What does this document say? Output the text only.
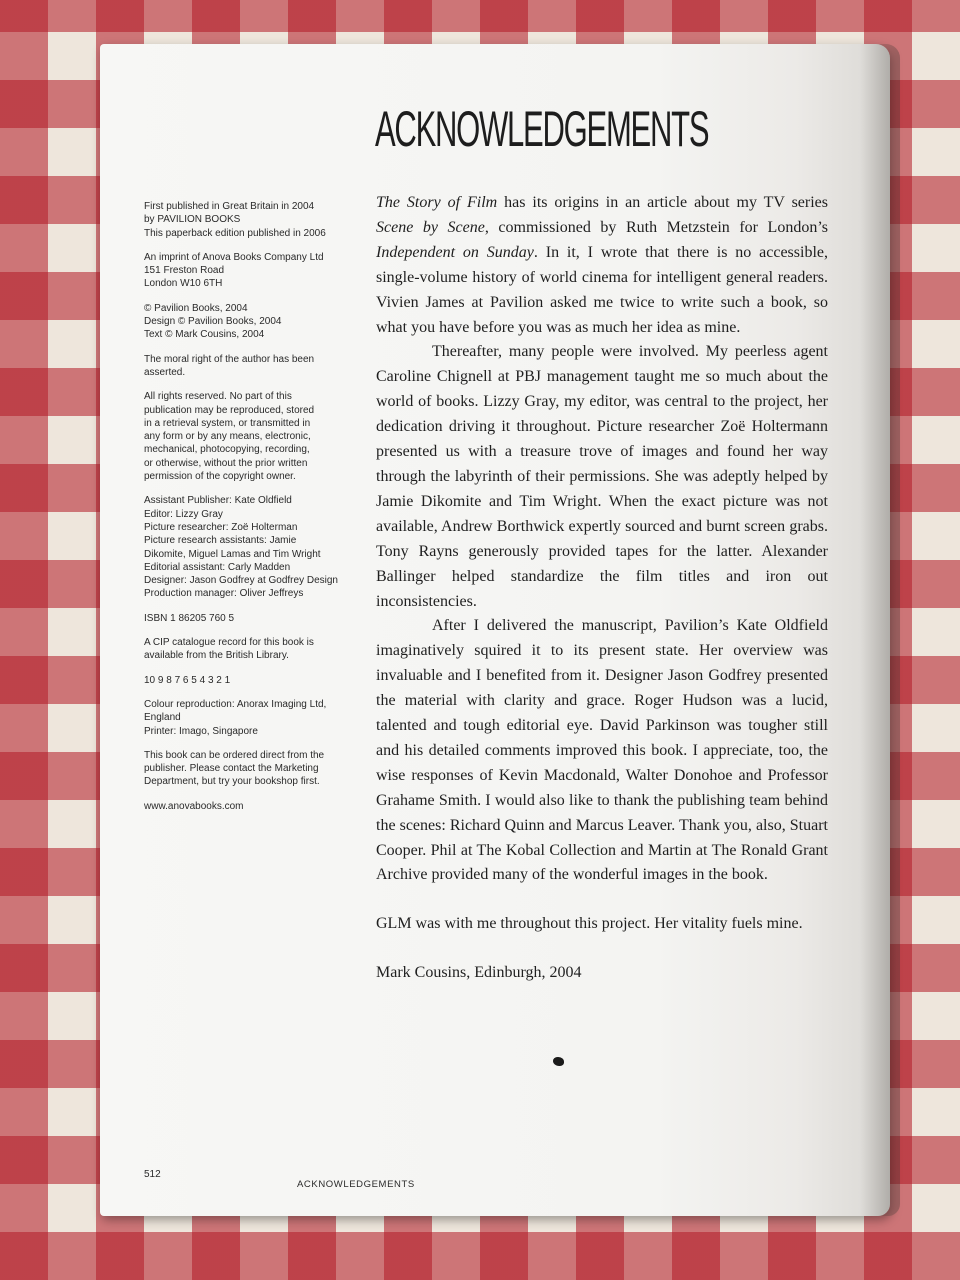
ACKNOWLEDGEMENTS
First published in Great Britain in 2004
by PAVILION BOOKS
This paperback edition published in 2006
An imprint of Anova Books Company Ltd
151 Freston Road
London W10 6TH
© Pavilion Books, 2004
Design © Pavilion Books, 2004
Text © Mark Cousins, 2004
The moral right of the author has been
asserted.
All rights reserved. No part of this
publication may be reproduced, stored
in a retrieval system, or transmitted in
any form or by any means, electronic,
mechanical, photocopying, recording,
or otherwise, without the prior written
permission of the copyright owner.
Assistant Publisher: Kate Oldfield
Editor: Lizzy Gray
Picture researcher: Zoë Holterman
Picture research assistants: Jamie
Dikomite, Miguel Lamas and Tim Wright
Editorial assistant: Carly Madden
Designer: Jason Godfrey at Godfrey Design
Production manager: Oliver Jeffreys
ISBN 1 86205 760 5
A CIP catalogue record for this book is
available from the British Library.
10 9 8 7 6 5 4 3 2 1
Colour reproduction: Anorax Imaging Ltd,
England
Printer: Imago, Singapore
This book can be ordered direct from the
publisher. Please contact the Marketing
Department, but try your bookshop first.
www.anovabooks.com

The Story of Film has its origins in an article about my TV series Scene by Scene, commissioned by Ruth Metzstein for London’s Independent on Sunday. In it, I wrote that there is no accessible, single-volume history of world cinema for intelligent general readers. Vivien James at Pavilion asked me twice to write such a book, so what you have before you was as much her idea as mine.

Thereafter, many people were involved. My peerless agent Caroline Chignell at PBJ management taught me so much about the world of books. Lizzy Gray, my editor, was central to the project, her dedication driving it throughout. Picture researcher Zoë Holtermann presented us with a treasure trove of images and found her way through the labyrinth of their permissions. She was adeptly helped by Jamie Dikomite and Tim Wright. When the exact picture was not available, Andrew Borthwick expertly sourced and burnt screen grabs. Tony Rayns generously provided tapes for the latter. Alexander Ballinger helped standardize the film titles and iron out inconsistencies.

After I delivered the manuscript, Pavilion’s Kate Oldfield imaginatively squired it to its present state. Her overview was invaluable and I benefited from it. Designer Jason Godfrey presented the material with clarity and grace. Roger Hudson was a lucid, talented and tough editorial eye. David Parkinson was tougher still and his detailed comments improved this book. I appreciate, too, the wise responses of Kevin Macdonald, Walter Donohoe and Professor Grahame Smith. I would also like to thank the publishing team behind the scenes: Richard Quinn and Marcus Leaver. Thank you, also, Stuart Cooper. Phil at The Kobal Collection and Martin at The Ronald Grant Archive provided many of the wonderful images in the book.

GLM was with me throughout this project. Her vitality fuels mine.

Mark Cousins, Edinburgh, 2004

512
ACKNOWLEDGEMENTS
